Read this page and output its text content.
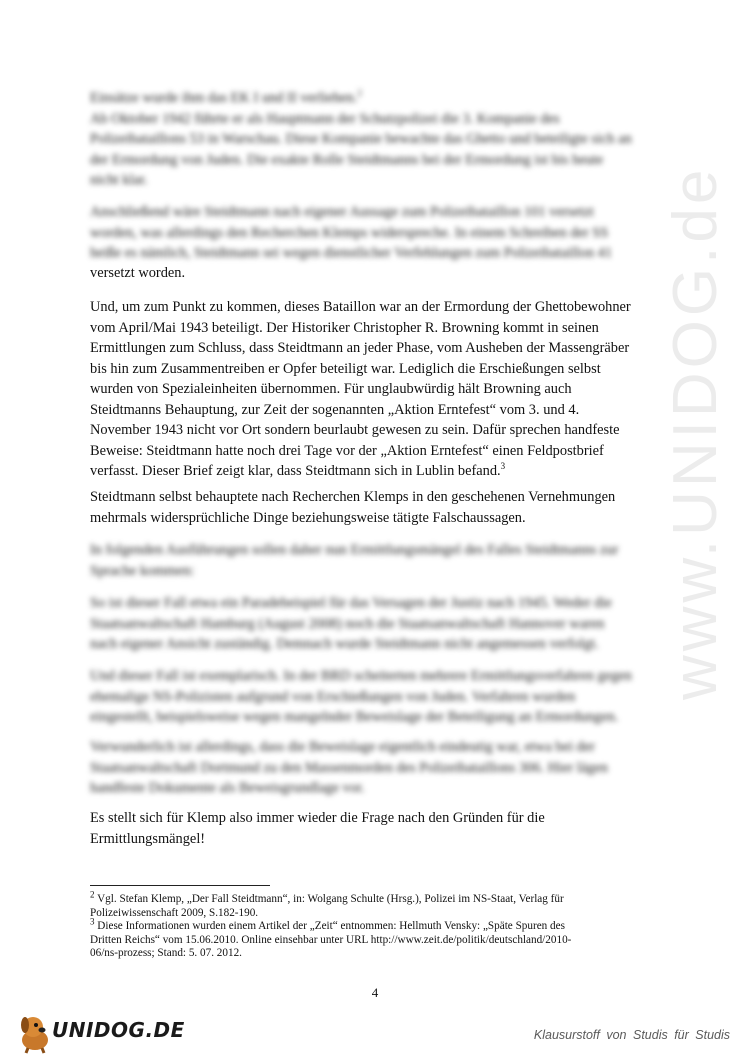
www.UNIDOG.de
Einsätze wurde ihm das EK I und II verliehen.$^2$
Ab Oktober 1942 führte er als Hauptmann der Schutzpolizei die 3. Kompanie des
Polizeibataillons 53 in Warschau. Diese Kompanie bewachte das Ghetto und beteiligte sich an
der Ermordung von Juden. Die exakte Rolle Steidtmanns bei der Ermordung ist bis heute
nicht klar.
Anschließend wäre Steidtmann nach eigener Aussage zum Polizeibataillon 101 versetzt
worden, was allerdings den Recherchen Klemps widerspreche. In einem Schreiben der SS
heiße es nämlich, Steidtmann sei wegen dienstlicher Verfehlungen zum Polizeibataillon 41
versetzt worden.
Und, um zum Punkt zu kommen, dieses Bataillon war an der Ermordung der Ghettobewohner
vom April/Mai 1943 beteiligt. Der Historiker Christopher R. Browning kommt in seinen
Ermittlungen zum Schluss, dass Steidtmann an jeder Phase, vom Ausheben der Massengräber
bis hin zum Zusammentreiben er Opfer beteiligt war. Lediglich die Erschießungen selbst
wurden von Spezialeinheiten übernommen. Für unglaubwürdig hält Browning auch
Steidtmanns Behauptung, zur Zeit der sogenannten „Aktion Erntefest“ vom 3. und 4.
November 1943 nicht vor Ort sondern beurlaubt gewesen zu sein. Dafür sprechen handfeste
Beweise: Steidtmann hatte noch drei Tage vor der „Aktion Erntefest“ einen Feldpostbrief
verfasst. Dieser Brief zeigt klar, dass Steidtmann sich in Lublin befand.$^3$
Steidtmann selbst behauptete nach Recherchen Klemps in den geschehenen Vernehmungen
mehrmals widersprüchliche Dinge beziehungsweise tätigte Falschaussagen.
In folgenden Ausführungen sollen daher nun Ermittlungsmängel des Falles Steidtmanns zur
Sprache kommen:
So ist dieser Fall etwa ein Paradebeispiel für das Versagen der Justiz nach 1945. Weder die
Staatsanwaltschaft Hamburg (August 2008) noch die Staatsanwaltschaft Hannover waren
nach eigener Ansicht zuständig. Demnach wurde Steidtmann nicht angemessen verfolgt.
Und dieser Fall ist exemplarisch. In der BRD scheiterten mehrere Ermittlungsverfahren gegen
ehemalige NS-Polizisten aufgrund von Erschießungen von Juden. Verfahren wurden
eingestellt, beispielsweise wegen mangelnder Beweislage der Beteiligung an Ermordungen.
Verwunderlich ist allerdings, dass die Beweislage eigentlich eindeutig war, etwa bei der
Staatsanwaltschaft Dortmund zu den Massenmorden des Polizeibataillons 306. Hier lägen
handfeste Dokumente als Beweisgrundlage vor.
Es stellt sich für Klemp also immer wieder die Frage nach den Gründen für die
Ermittlungsmängel!

$^2$ Vgl. Stefan Klemp, „Der Fall Steidtmann“, in: Wolgang Schulte (Hrsg.), Polizei im NS-Staat, Verlag für
Polizeiwissenschaft 2009, S.182-190.

$^3$ Diese Informationen wurden einem Artikel der „Zeit“ entnommen: Hellmuth Vensky: „Späte Spuren des
Dritten Reichs“ vom 15.06.2010. Online einsehbar unter URL http://www.zeit.de/politik/deutschland/2010-
06/ns-prozess; Stand: 5. 07. 2012.

4
UNIDOG.DE	Klausurstoff von Studis für Studis
